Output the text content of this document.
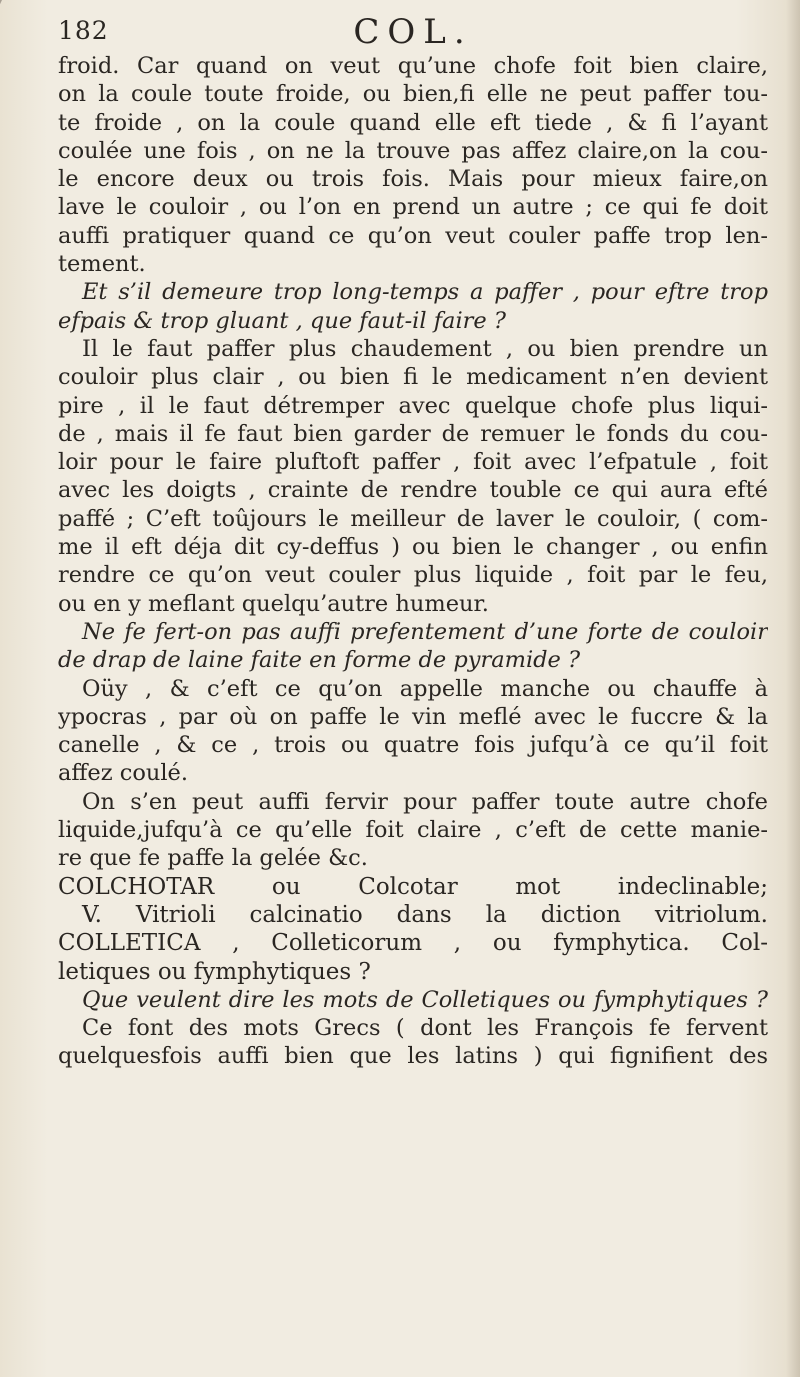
182	COL.
froid. Car quand on veut qu’une chofe foit bien claire,
on la coule toute froide, ou bien,fi elle ne peut paffer tou-
te froide , on la coule quand elle eft tiede , & fi l’ayant
coulée une fois , on ne la trouve pas affez claire,on la cou-
le encore deux ou trois fois. Mais pour mieux faire,on
lave le couloir , ou l’on en prend un autre ; ce qui fe doit
auffi pratiquer quand ce qu’on veut couler paffe trop len-
tement.
Et s’il demeure trop long-temps a paffer , pour eftre trop
efpais & trop gluant , que faut-il faire ?
Il le faut paffer plus chaudement , ou bien prendre un
couloir plus clair , ou bien fi le medicament n’en devient
pire , il le faut détremper avec quelque chofe plus liqui-
de , mais il fe faut bien garder de remuer le fonds du cou-
loir pour le faire pluftoft paffer , foit avec l’efpatule , foit
avec les doigts , crainte de rendre touble ce qui aura efté
paffé ; C’eft toûjours le meilleur de laver le couloir, ( com-
me il eft déja dit cy-deffus ) ou bien le changer , ou enfin
rendre ce qu’on veut couler plus liquide , foit par le feu,
ou en y meflant quelqu’autre humeur.
Ne fe fert-on pas auffi prefentement d’une forte de couloir
de drap de laine faite en forme de pyramide ?
Oüy , & c’eft ce qu’on appelle manche ou chauffe à
ypocras , par où on paffe le vin meflé avec le fuccre & la
canelle , & ce , trois ou quatre fois jufqu’à ce qu’il foit
affez coulé.
On s’en peut auffi fervir pour paffer toute autre chofe
liquide,jufqu’à ce qu’elle foit claire , c’eft de cette manie-
re que fe paffe la gelée &c.
COLCHOTAR ou Colcotar mot indeclinable;
V. Vitrioli calcinatio dans la diction vitriolum.
COLLETICA , Colleticorum , ou fymphytica. Col-
letiques ou fymphytiques ?
Que veulent dire les mots de Colletiques ou fymphytiques ?
Ce font des mots Grecs ( dont les François fe fervent
quelquesfois auffi bien que les latins ) qui fignifient des
